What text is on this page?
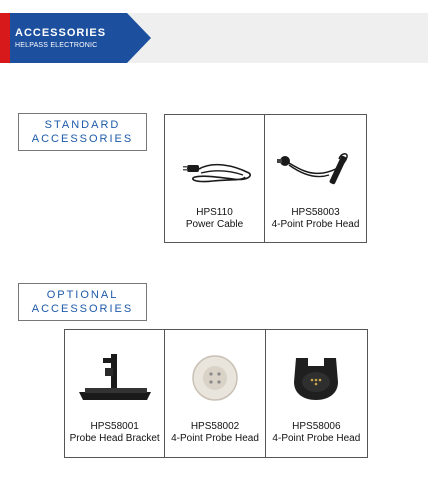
ACCESSORIES
HELPASS ELECTRONIC
STANDARD
ACCESSORIES
HPS110
Power Cable
HPS58003
4-Point Probe Head
OPTIONAL
ACCESSORIES
HPS58001
Probe Head Bracket
HPS58002
4-Point Probe Head
HPS58006
4-Point Probe Head
